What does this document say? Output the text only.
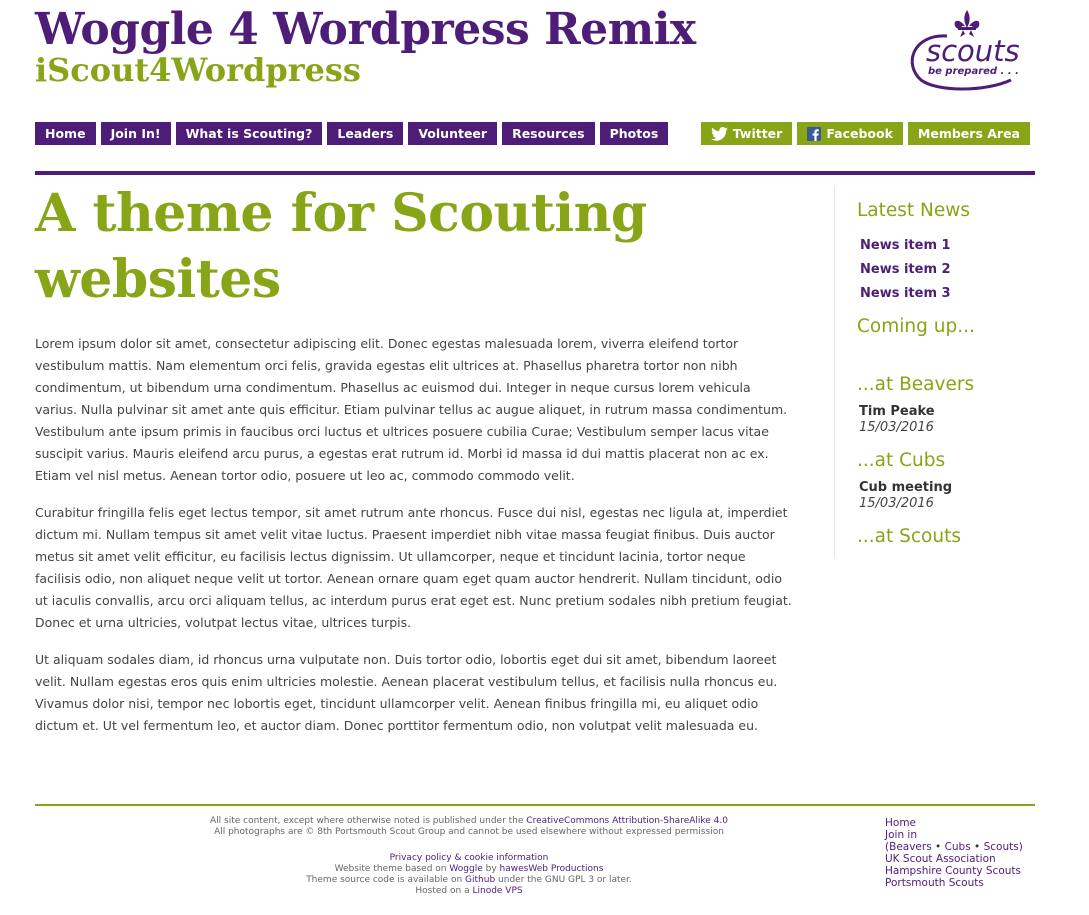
Woggle 4 Wordpress Remix
iScout4Wordpress	scouts
be prepared . . .
Home	Join In!	What is Scouting?	Leaders	Volunteer	Resources	Photos	Twitter	Facebook	Members Area
A theme for Scouting
websites

Lorem ipsum dolor sit amet, consectetur adipiscing elit. Donec egestas malesuada lorem, viverra eleifend tortor vestibulum mattis. Nam elementum orci felis, gravida egestas elit ultrices at. Phasellus pharetra tortor non nibh condimentum, ut bibendum urna condimentum. Phasellus ac euismod dui. Integer in neque cursus lorem vehicula varius. Nulla pulvinar sit amet ante quis efficitur. Etiam pulvinar tellus ac augue aliquet, in rutrum massa condimentum. Vestibulum ante ipsum primis in faucibus orci luctus et ultrices posuere cubilia Curae; Vestibulum semper lacus vitae suscipit varius. Mauris eleifend arcu purus, a egestas erat rutrum id. Morbi id massa id dui mattis placerat non ac ex. Etiam vel nisl metus. Aenean tortor odio, posuere ut leo ac, commodo commodo velit.

Curabitur fringilla felis eget lectus tempor, sit amet rutrum ante rhoncus. Fusce dui nisl, egestas nec ligula at, imperdiet dictum mi. Nullam tempus sit amet velit vitae luctus. Praesent imperdiet nibh vitae massa feugiat finibus. Duis auctor metus sit amet velit efficitur, eu facilisis lectus dignissim. Ut ullamcorper, neque et tincidunt lacinia, tortor neque facilisis odio, non aliquet neque velit ut tortor. Aenean ornare quam eget quam auctor hendrerit. Nullam tincidunt, odio ut iaculis convallis, arcu orci aliquam tellus, ac interdum purus erat eget est. Nunc pretium sodales nibh pretium feugiat. Donec et urna ultricies, volutpat lectus vitae, ultrices turpis.

Ut aliquam sodales diam, id rhoncus urna vulputate non. Duis tortor odio, lobortis eget dui sit amet, bibendum laoreet velit. Nullam egestas eros quis enim ultricies molestie. Aenean placerat vestibulum tellus, et facilisis nulla rhoncus eu. Vivamus dolor nisi, tempor nec lobortis eget, tincidunt ullamcorper velit. Aenean finibus fringilla mi, eu aliquet odio dictum et. Ut vel fermentum leo, et auctor diam. Donec porttitor fermentum odio, non volutpat velit malesuada eu.

Latest News
News item 1
News item 2
News item 3
Coming up...
...at Beavers
Tim Peake
15/03/2016
...at Cubs
Cub meeting
15/03/2016
...at Scouts
All site content, except where otherwise noted is published under the CreativeCommons Attribution-ShareAlike 4.0
All photographs are © 8th Portsmouth Scout Group and cannot be used elsewhere without expressed permission
Privacy policy & cookie information
Website theme based on Woggle by hawesWeb Productions
Theme source code is available on Github under the GNU GPL 3 or later.
Hosted on a Linode VPS
Home
Join in
(Beavers • Cubs • Scouts)
UK Scout Association
Hampshire County Scouts
Portsmouth Scouts
